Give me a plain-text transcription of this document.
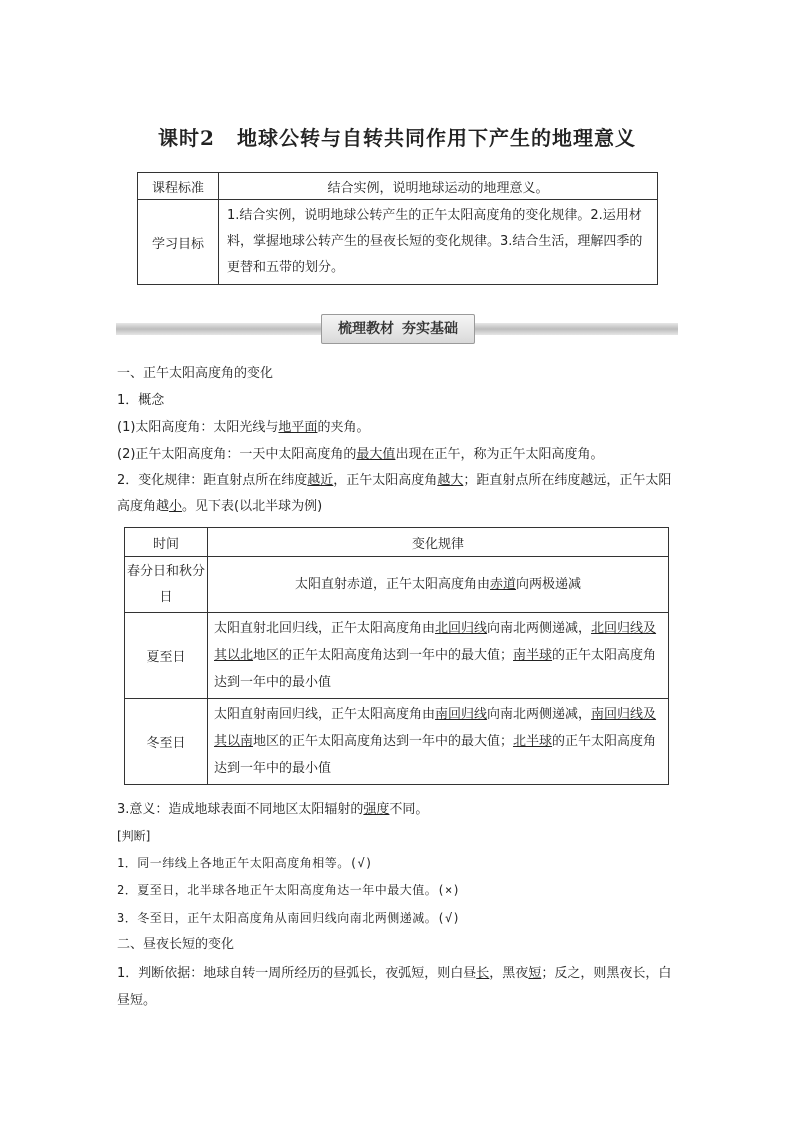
课时2 地球公转与自转共同作用下产生的地理意义
课程标准	结合实例，说明地球运动的地理意义。
学习目标	1.结合实例，说明地球公转产生的正午太阳高度角的变化规律。2.运用材料，掌握地球公转产生的昼夜长短的变化规律。3.结合生活，理解四季的更替和五带的划分。
梳理教材 夯实基础
一、正午太阳高度角的变化
1．概念
(1)太阳高度角：太阳光线与地平面的夹角。
(2)正午太阳高度角：一天中太阳高度角的最大值出现在正午，称为正午太阳高度角。
2．变化规律：距直射点所在纬度越近，正午太阳高度角越大；距直射点所在纬度越远，正午太阳高度角越小。见下表(以北半球为例)
时间	变化规律
春分日和秋分日	太阳直射赤道，正午太阳高度角由赤道向两极递减
夏至日	太阳直射北回归线，正午太阳高度角由北回归线向南北两侧递减，北回归线及其以北地区的正午太阳高度角达到一年中的最大值；南半球的正午太阳高度角达到一年中的最小值
冬至日	太阳直射南回归线，正午太阳高度角由南回归线向南北两侧递减，南回归线及其以南地区的正午太阳高度角达到一年中的最大值；北半球的正午太阳高度角达到一年中的最小值
3.意义：造成地球表面不同地区太阳辐射的强度不同。
[判断]
1．同一纬线上各地正午太阳高度角相等。(√)
2．夏至日，北半球各地正午太阳高度角达一年中最大值。(×)
3．冬至日，正午太阳高度角从南回归线向南北两侧递减。(√)
二、昼夜长短的变化
1．判断依据：地球自转一周所经历的昼弧长，夜弧短，则白昼长，黑夜短；反之，则黑夜长，白昼短。
